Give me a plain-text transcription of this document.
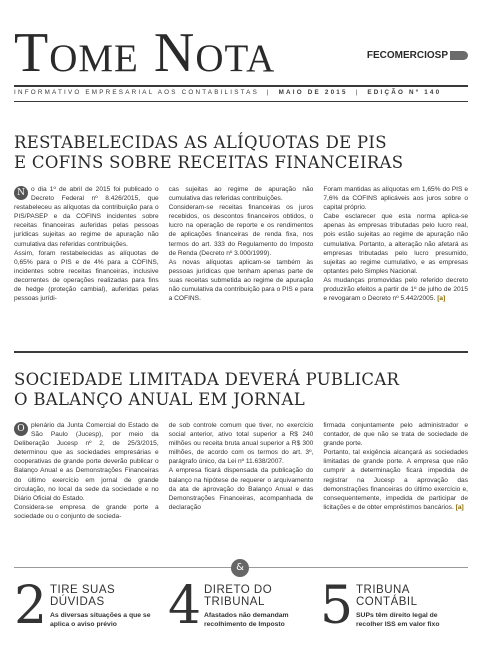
Tome Nota	FECOMERCIOSP
INFORMATIVO EMPRESARIAL AOS CONTABILISTAS  |  MAIO DE 2015  |  EDIÇÃO Nº 140
RESTABELECIDAS AS ALÍQUOTAS DE PIS
E COFINS SOBRE RECEITAS FINANCEIRAS
N o dia 1º de abril de 2015 foi publicado o Decreto Federal nº 8.426/2015, que restabeleceu as alíquotas da contribuição para o PIS/PASEP e da COFINS incidentes sobre receitas financeiras auferidas pelas pessoas jurídicas sujeitas ao regime de apuração não cumulativa das referidas contribuições.

Assim, foram restabelecidas as alíquotas de 0,65% para o PIS e de 4% para a COFINS, incidentes sobre receitas financeiras, inclusive decorrentes de operações realizadas para fins de hedge (proteção cambial), auferidas pelas pessoas jurídi-

cas sujeitas ao regime de apuração não cumulativa das referidas contribuições.

Consideram-se receitas financeiras os juros recebidos, os descontos financeiros obtidos, o lucro na operação de reporte e os rendimentos de aplicações financeiras de renda fixa, nos termos do art. 333 do Regulamento do Imposto de Renda (Decreto nº 3.000/1999).

As novas alíquotas aplicam-se também às pessoas jurídicas que tenham apenas parte de suas receitas submetida ao regime de apuração não cumulativa da contribuição para o PIS e para a COFINS.

Foram mantidas as alíquotas em 1,65% do PIS e 7,6% da COFINS aplicáveis aos juros sobre o capital próprio.

Cabe esclarecer que esta norma aplica-se apenas às empresas tributadas pelo lucro real, pois estão sujeitas ao regime de apuração não cumulativa. Portanto, a alteração não afetará as empresas tributadas pelo lucro presumido, sujeitas ao regime cumulativo, e as empresas optantes pelo Simples Nacional.

As mudanças promovidas pelo referido decreto produzirão efeitos a partir de 1º de julho de 2015 e revogaram o Decreto nº 5.442/2005. [a]

SOCIEDADE LIMITADA DEVERÁ PUBLICAR
O BALANÇO ANUAL EM JORNAL
O plenário da Junta Comercial do Estado de São Paulo (Jucesp), por meio da Deliberação Jucesp nº 2, de 25/3/2015, determinou que as sociedades empresárias e cooperativas de grande porte deverão publicar o Balanço Anual e as Demonstrações Financeiras do último exercício em jornal de grande circulação, no local da sede da sociedade e no Diário Oficial do Estado.

Considera-se empresa de grande porte a sociedade ou o conjunto de socieda-

de sob controle comum que tiver, no exercício social anterior, ativo total superior a R$ 240 milhões ou receita bruta anual superior a R$ 300 milhões, de acordo com os termos do art. 3º, parágrafo único, da Lei nº 11.638/2007.

A empresa ficará dispensada da publicação do balanço na hipótese de requerer o arquivamento da ata de aprovação do Balanço Anual e das Demonstrações Financeiras, acompanhada de declaração

firmada conjuntamente pelo administrador e contador, de que não se trata de sociedade de grande porte.

Portanto, tal exigência alcançará as sociedades limitadas de grande porte. A empresa que não cumprir a determinação ficará impedida de registrar na Jucesp a aprovação das demonstrações financeiras do último exercício e, consequentemente, impedida de participar de licitações e de obter empréstimos bancários. [a]

&
2 TIRE SUAS DÚVIDAS
As diversas situações a que se aplica o aviso prévio 4 DIRETO DO TRIBUNAL
Afastados não demandam recolhimento de Imposto 5 TRIBUNA CONTÁBIL
SUPs têm direito legal de recolher ISS em valor fixo
